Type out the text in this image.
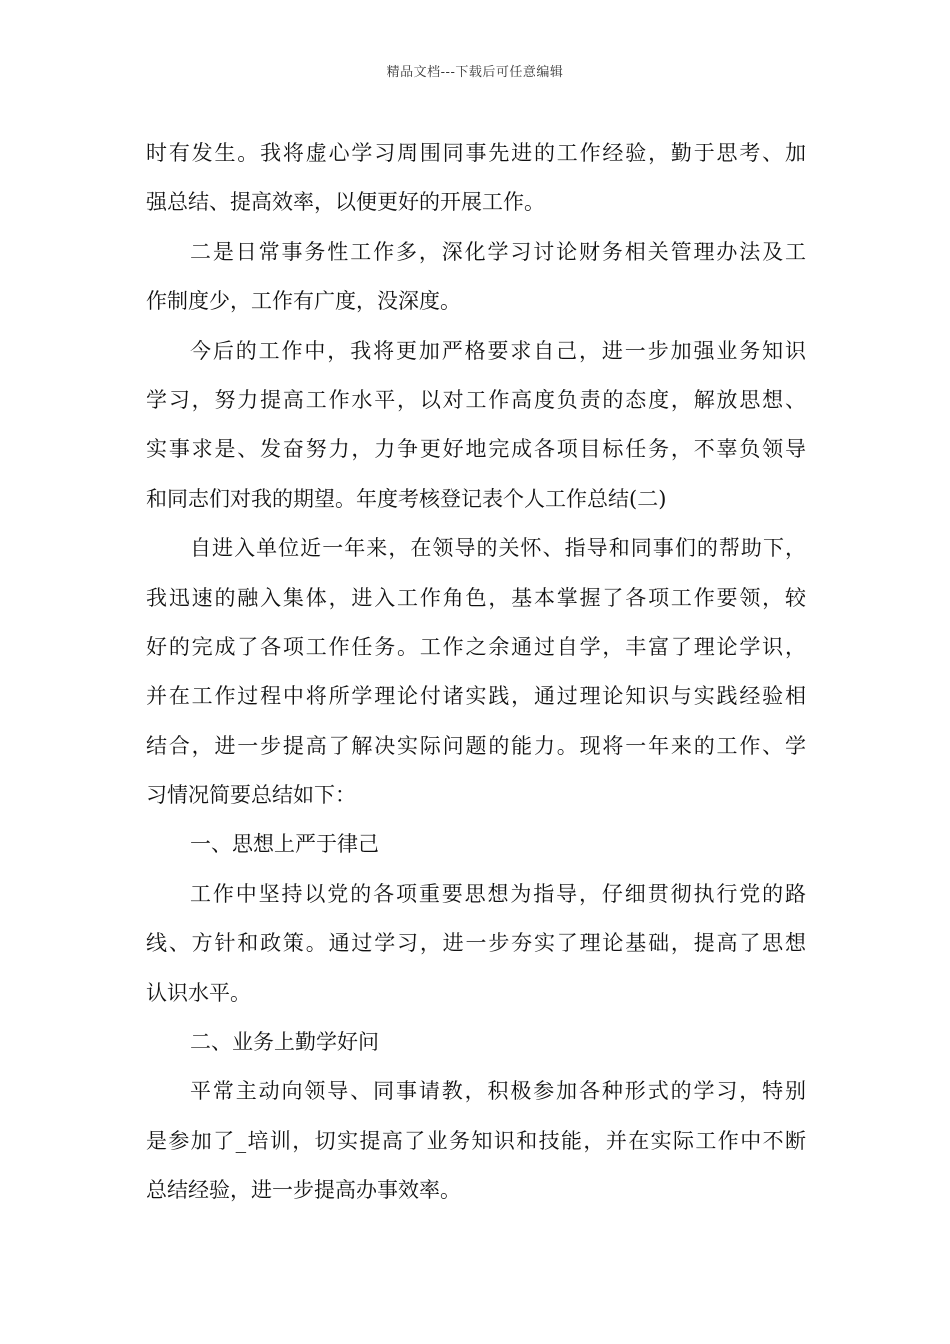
精品文档---下载后可任意编辑
时有发生。我将虚心学习周围同事先进的工作经验，勤于思考、加
强总结、提高效率，以便更好的开展工作。
二是日常事务性工作多，深化学习讨论财务相关管理办法及工
作制度少，工作有广度，没深度。
今后的工作中，我将更加严格要求自己，进一步加强业务知识
学习，努力提高工作水平，以对工作高度负责的态度，解放思想、
实事求是、发奋努力，力争更好地完成各项目标任务，不辜负领导
和同志们对我的期望。年度考核登记表个人工作总结(二)
自进入单位近一年来，在领导的关怀、指导和同事们的帮助下，
我迅速的融入集体，进入工作角色，基本掌握了各项工作要领，较
好的完成了各项工作任务。工作之余通过自学，丰富了理论学识，
并在工作过程中将所学理论付诸实践，通过理论知识与实践经验相
结合，进一步提高了解决实际问题的能力。现将一年来的工作、学
习情况简要总结如下：
一、思想上严于律己
工作中坚持以党的各项重要思想为指导，仔细贯彻执行党的路
线、方针和政策。通过学习，进一步夯实了理论基础，提高了思想
认识水平。
二、业务上勤学好问
平常主动向领导、同事请教，积极参加各种形式的学习，特别
是参加了_培训，切实提高了业务知识和技能，并在实际工作中不断
总结经验，进一步提高办事效率。
